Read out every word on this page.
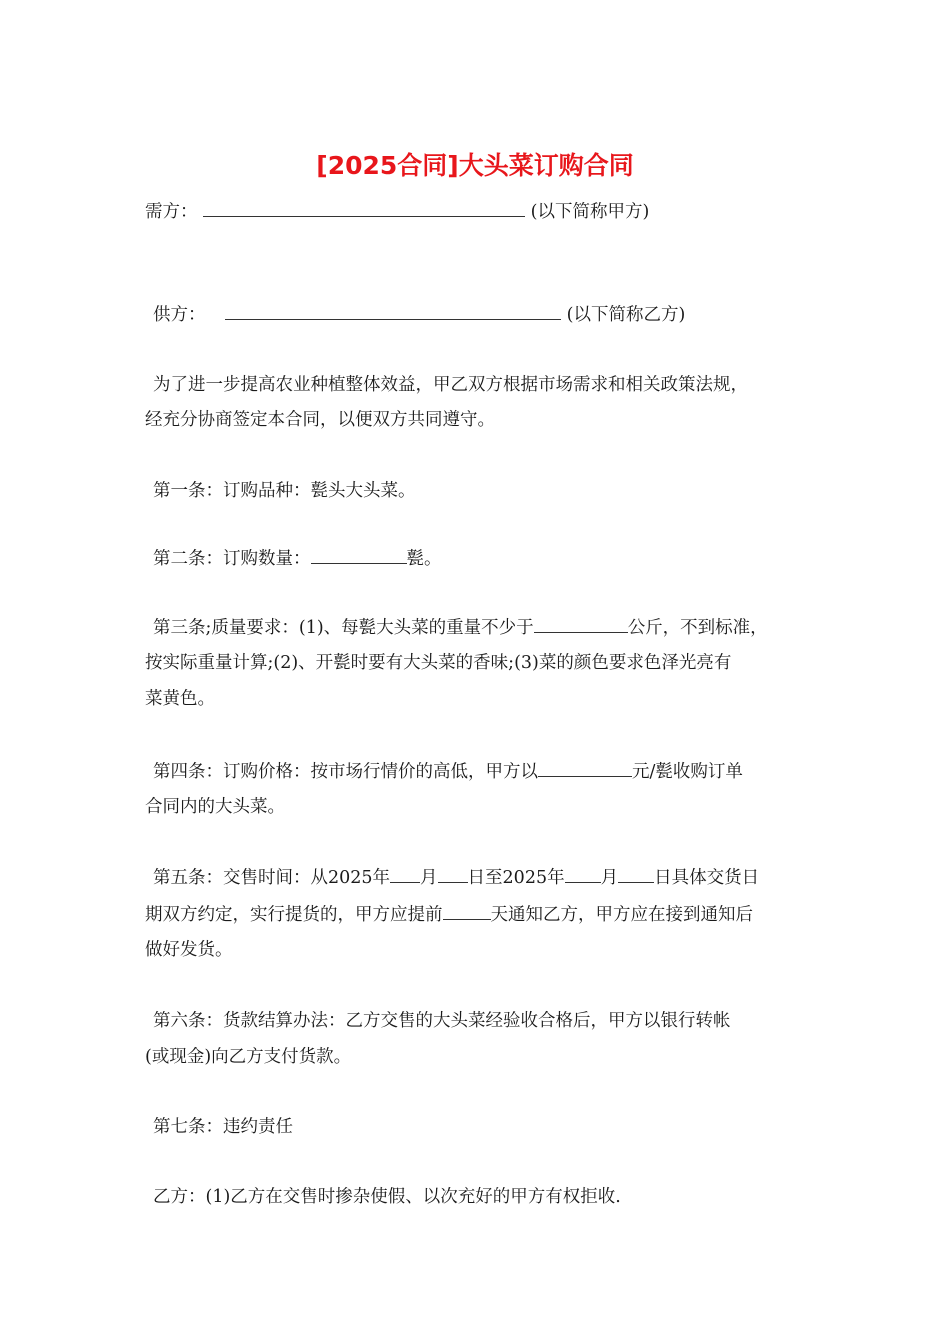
[2025合同]大头菜订购合同
需方：	(以下简称甲方)
供方：	(以下简称乙方)
为了进一步提高农业种植整体效益，甲乙双方根据市场需求和相关政策法规，
经充分协商签定本合同，以便双方共同遵守。
第一条：订购品种：甏头大头菜。
第二条：订购数量：	甏。
第三条;质量要求：(1)、每甏大头菜的重量不少于	公斤，不到标准，
按实际重量计算;(2)、开甏时要有大头菜的香味;(3)菜的颜色要求色泽光亮有
菜黄色。
第四条：订购价格：按市场行情价的高低，甲方以	元/甏收购订单
合同内的大头菜。
第五条：交售时间：从2025年 月 日至2025年 月 日具体交货日
期双方约定，实行提货的，甲方应提前	天通知乙方，甲方应在接到通知后
做好发货。
第六条：货款结算办法：乙方交售的大头菜经验收合格后，甲方以银行转帐
(或现金)向乙方支付货款。
第七条：违约责任
乙方：(1)乙方在交售时掺杂使假、以次充好的甲方有权拒收.
